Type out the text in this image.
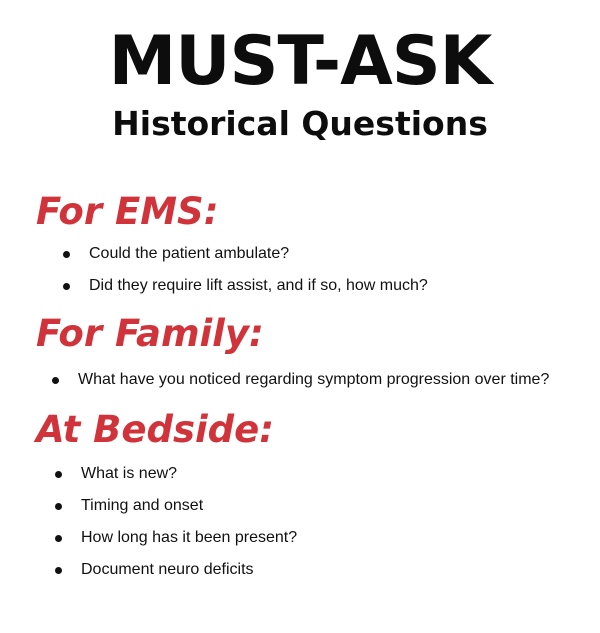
MUST-ASK
Historical Questions
For EMS:
Could the patient ambulate?
Did they require lift assist, and if so, how much?
For Family:
What have you noticed regarding symptom progression over time?
At Bedside:
What is new?
Timing and onset
How long has it been present?
Document neuro deficits
